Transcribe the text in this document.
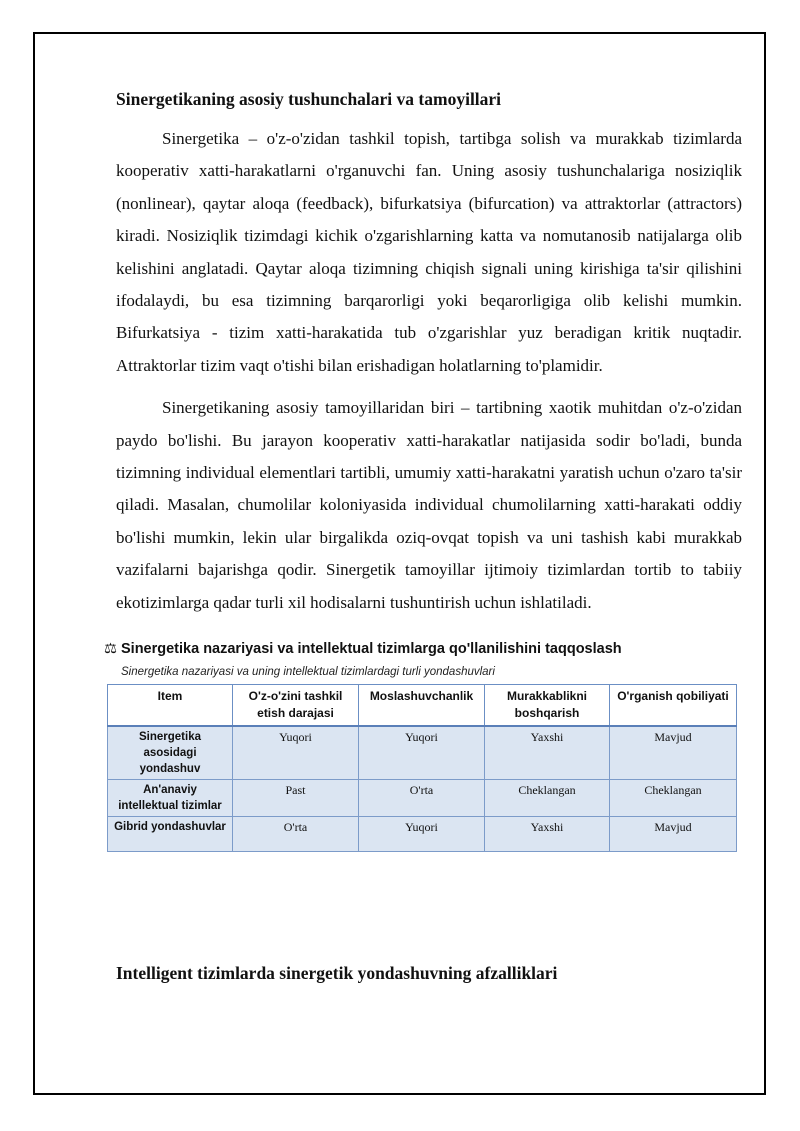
Sinergetikaning asosiy tushunchalari va tamoyillari

Sinergetika – o'z-o'zidan tashkil topish, tartibga solish va murakkab tizimlarda kooperativ xatti-harakatlarni o'rganuvchi fan. Uning asosiy tushunchalariga nosiziqlik (nonlinear), qaytar aloqa (feedback), bifurkatsiya (bifurcation) va attraktorlar (attractors) kiradi. Nosiziqlik tizimdagi kichik o'zgarishlarning katta va nomutanosib natijalarga olib kelishini anglatadi. Qaytar aloqa tizimning chiqish signali uning kirishiga ta'sir qilishini ifodalaydi, bu esa tizimning barqarorligi yoki beqarorligiga olib kelishi mumkin. Bifurkatsiya - tizim xatti-harakatida tub o'zgarishlar yuz beradigan kritik nuqtadir. Attraktorlar tizim vaqt o'tishi bilan erishadigan holatlarning to'plamidir.

Sinergetikaning asosiy tamoyillaridan biri – tartibning xaotik muhitdan o'z-o'zidan paydo bo'lishi. Bu jarayon kooperativ xatti-harakatlar natijasida sodir bo'ladi, bunda tizimning individual elementlari tartibli, umumiy xatti-harakatni yaratish uchun o'zaro ta'sir qiladi. Masalan, chumolilar koloniyasida individual chumolilarning xatti-harakati oddiy bo'lishi mumkin, lekin ular birgalikda oziq-ovqat topish va uni tashish kabi murakkab vazifalarni bajarishga qodir. Sinergetik tamoyillar ijtimoiy tizimlardan tortib to tabiiy ekotizimlarga qadar turli xil hodisalarni tushuntirish uchun ishlatiladi.

⚖ Sinergetika nazariyasi va intellektual tizimlarga qo'llanilishini taqqoslash
Sinergetika nazariyasi va uning intellektual tizimlardagi turli yondashuvlari
Item	O'z-o'zini tashkil etish darajasi	Moslashuvchanlik	Murakkablikni boshqarish	O'rganish qobiliyati
Sinergetika asosidagi yondashuv	Yuqori	Yuqori	Yaxshi	Mavjud
An'anaviy intellektual tizimlar	Past	O'rta	Cheklangan	Cheklangan
Gibrid yondashuvlar	O'rta	Yuqori	Yaxshi	Mavjud
Intelligent tizimlarda sinergetik yondashuvning afzalliklari
